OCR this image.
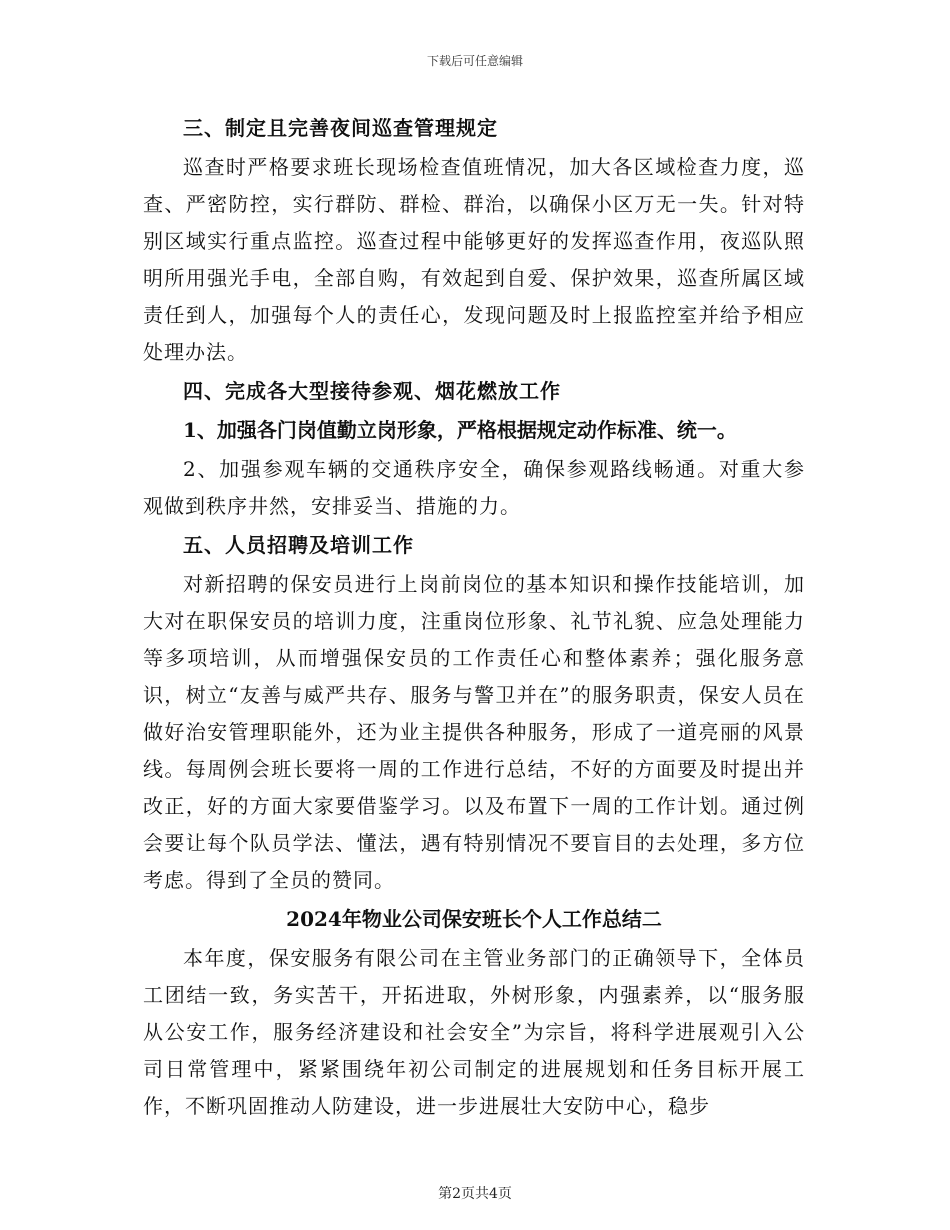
下载后可任意编辑

三、制定且完善夜间巡查管理规定

巡查时严格要求班长现场检查值班情况，加大各区域检查力度，巡查、严密防控，实行群防、群检、群治，以确保小区万无一失。针对特别区域实行重点监控。巡查过程中能够更好的发挥巡查作用，夜巡队照明所用强光手电，全部自购，有效起到自爱、保护效果，巡查所属区域责任到人，加强每个人的责任心，发现问题及时上报监控室并给予相应处理办法。

四、完成各大型接待参观、烟花燃放工作

1、加强各门岗值勤立岗形象，严格根据规定动作标准、统一。

2、加强参观车辆的交通秩序安全，确保参观路线畅通。对重大参观做到秩序井然，安排妥当、措施的力。

五、人员招聘及培训工作

对新招聘的保安员进行上岗前岗位的基本知识和操作技能培训，加大对在职保安员的培训力度，注重岗位形象、礼节礼貌、应急处理能力等多项培训，从而增强保安员的工作责任心和整体素养；强化服务意识，树立“友善与威严共存、服务与警卫并在”的服务职责，保安人员在做好治安管理职能外，还为业主提供各种服务，形成了一道亮丽的风景线。每周例会班长要将一周的工作进行总结，不好的方面要及时提出并改正，好的方面大家要借鉴学习。以及布置下一周的工作计划。通过例会要让每个队员学法、懂法，遇有特别情况不要盲目的去处理，多方位考虑。得到了全员的赞同。

2024年物业公司保安班长个人工作总结二

本年度，保安服务有限公司在主管业务部门的正确领导下，全体员工团结一致，务实苦干，开拓进取，外树形象，内强素养，以“服务服从公安工作，服务经济建设和社会安全”为宗旨，将科学进展观引入公司日常管理中，紧紧围绕年初公司制定的进展规划和任务目标开展工作，不断巩固推动人防建设，进一步进展壮大安防中心，稳步

第2页共4页
